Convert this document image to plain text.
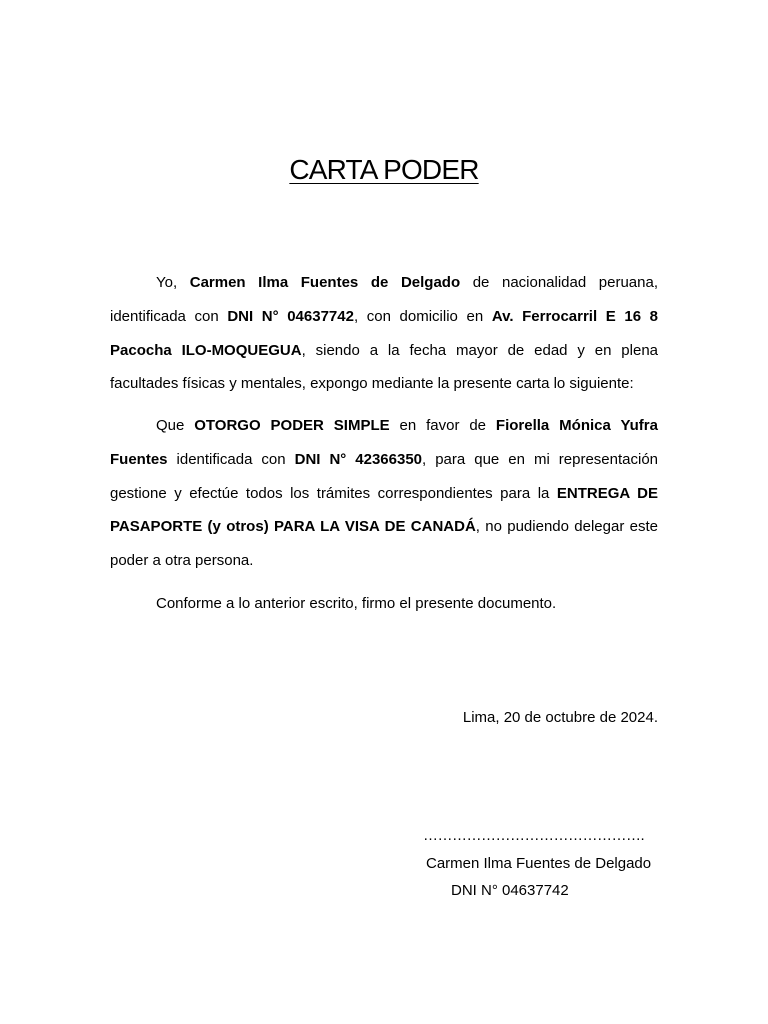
CARTA PODER

Yo, Carmen Ilma Fuentes de Delgado de nacionalidad peruana, identificada con DNI N° 04637742, con domicilio en Av. Ferrocarril E 16 8 Pacocha ILO-MOQUEGUA, siendo a la fecha mayor de edad y en plena facultades físicas y mentales, expongo mediante la presente carta lo siguiente:

Que OTORGO PODER SIMPLE en favor de Fiorella Mónica Yufra Fuentes identificada con DNI N° 42366350, para que en mi representación gestione y efectúe todos los trámites correspondientes para la ENTREGA DE PASAPORTE (y otros) PARA LA VISA DE CANADÁ, no pudiendo delegar este poder a otra persona.

Conforme a lo anterior escrito, firmo el presente documento.

Lima, 20 de octubre de 2024.
……………………………………….
Carmen Ilma Fuentes de Delgado
DNI N° 04637742
